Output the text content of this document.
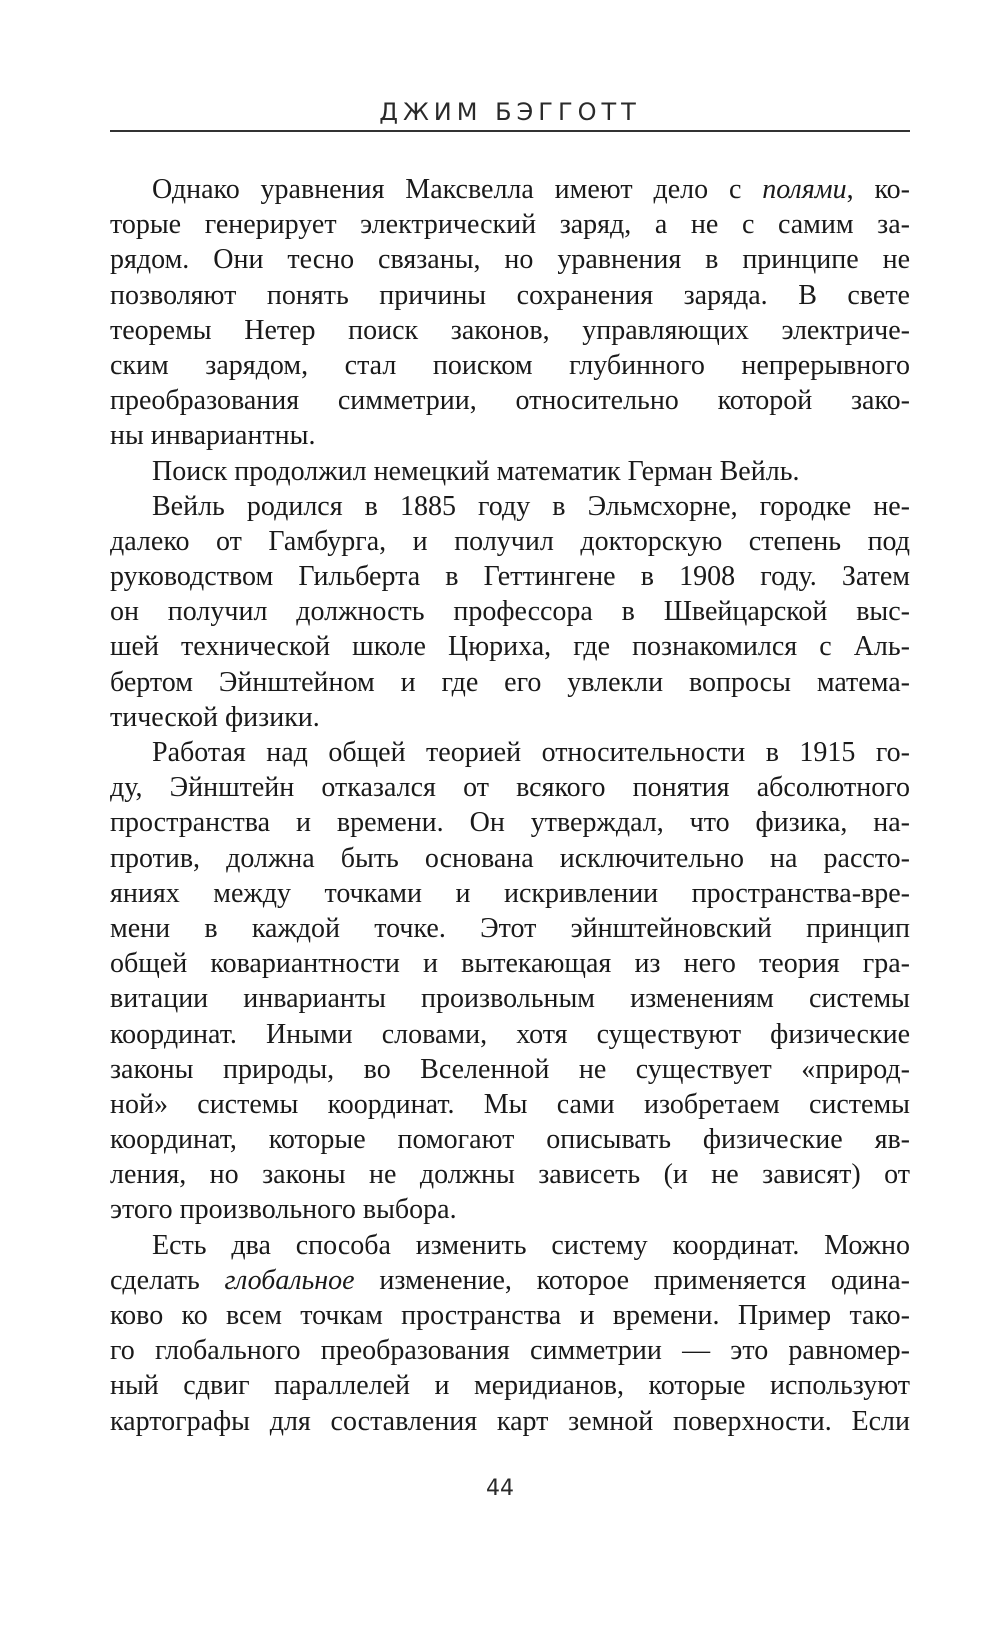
ДЖИМ БЭГГОТТ
Однако уравнения Максвелла имеют дело с полями, ко-
торые генерирует электрический заряд, а не с самим за-
рядом. Они тесно связаны, но уравнения в принципе не
позволяют понять причины сохранения заряда. В свете
теоремы Нетер поиск законов, управляющих электриче-
ским зарядом, стал поиском глубинного непрерывного
преобразования симметрии, относительно которой зако-
ны инвариантны.
Поиск продолжил немецкий математик Герман Вейль.
Вейль родился в 1885 году в Эльмсхорне, городке не-
далеко от Гамбурга, и получил докторскую степень под
руководством Гильберта в Геттингене в 1908 году. Затем
он получил должность профессора в Швейцарской выс-
шей технической школе Цюриха, где познакомился с Аль-
бертом Эйнштейном и где его увлекли вопросы матема-
тической физики.
Работая над общей теорией относительности в 1915 го-
ду, Эйнштейн отказался от всякого понятия абсолютного
пространства и времени. Он утверждал, что физика, на-
против, должна быть основана исключительно на рассто-
яниях между точками и искривлении пространства-вре-
мени в каждой точке. Этот эйнштейновский принцип
общей ковариантности и вытекающая из него теория гра-
витации инварианты произвольным изменениям системы
координат. Иными словами, хотя существуют физические
законы природы, во Вселенной не существует «природ-
ной» системы координат. Мы сами изобретаем системы
координат, которые помогают описывать физические яв-
ления, но законы не должны зависеть (и не зависят) от
этого произвольного выбора.
Есть два способа изменить систему координат. Можно
сделать глобальное изменение, которое применяется одина-
ково ко всем точкам пространства и времени. Пример тако-
го глобального преобразования симметрии — это равномер-
ный сдвиг параллелей и меридианов, которые используют
картографы для составления карт земной поверхности. Если
44
